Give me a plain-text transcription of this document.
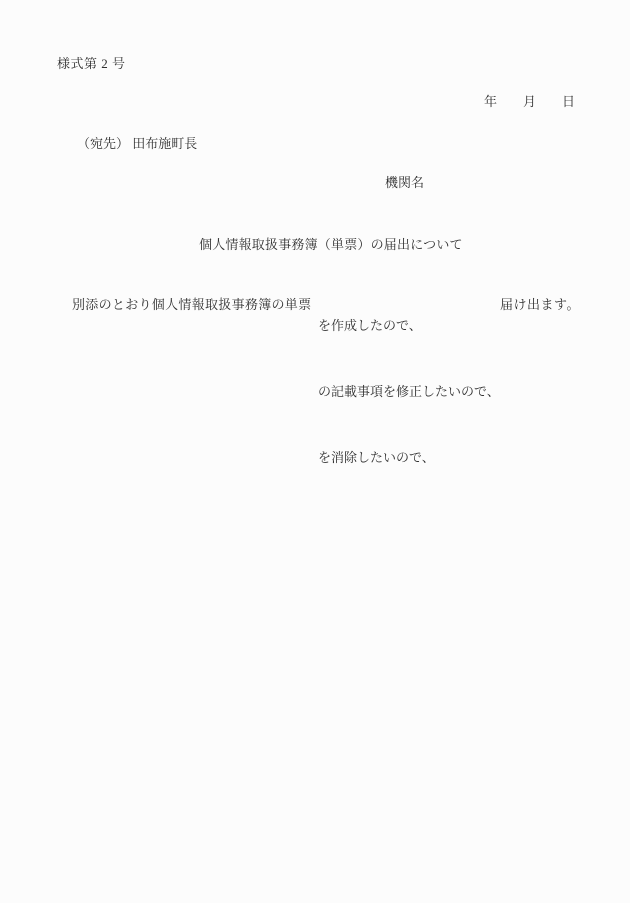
様式第 2 号
年　　月　　日
（宛先） 田布施町長
機関名
個人情報取扱事務簿（単票）の届出について
別添のとおり個人情報取扱事務簿の単票

を作成したので、

の記載事項を修正したいので、

を消除したいので、

届け出ます。
